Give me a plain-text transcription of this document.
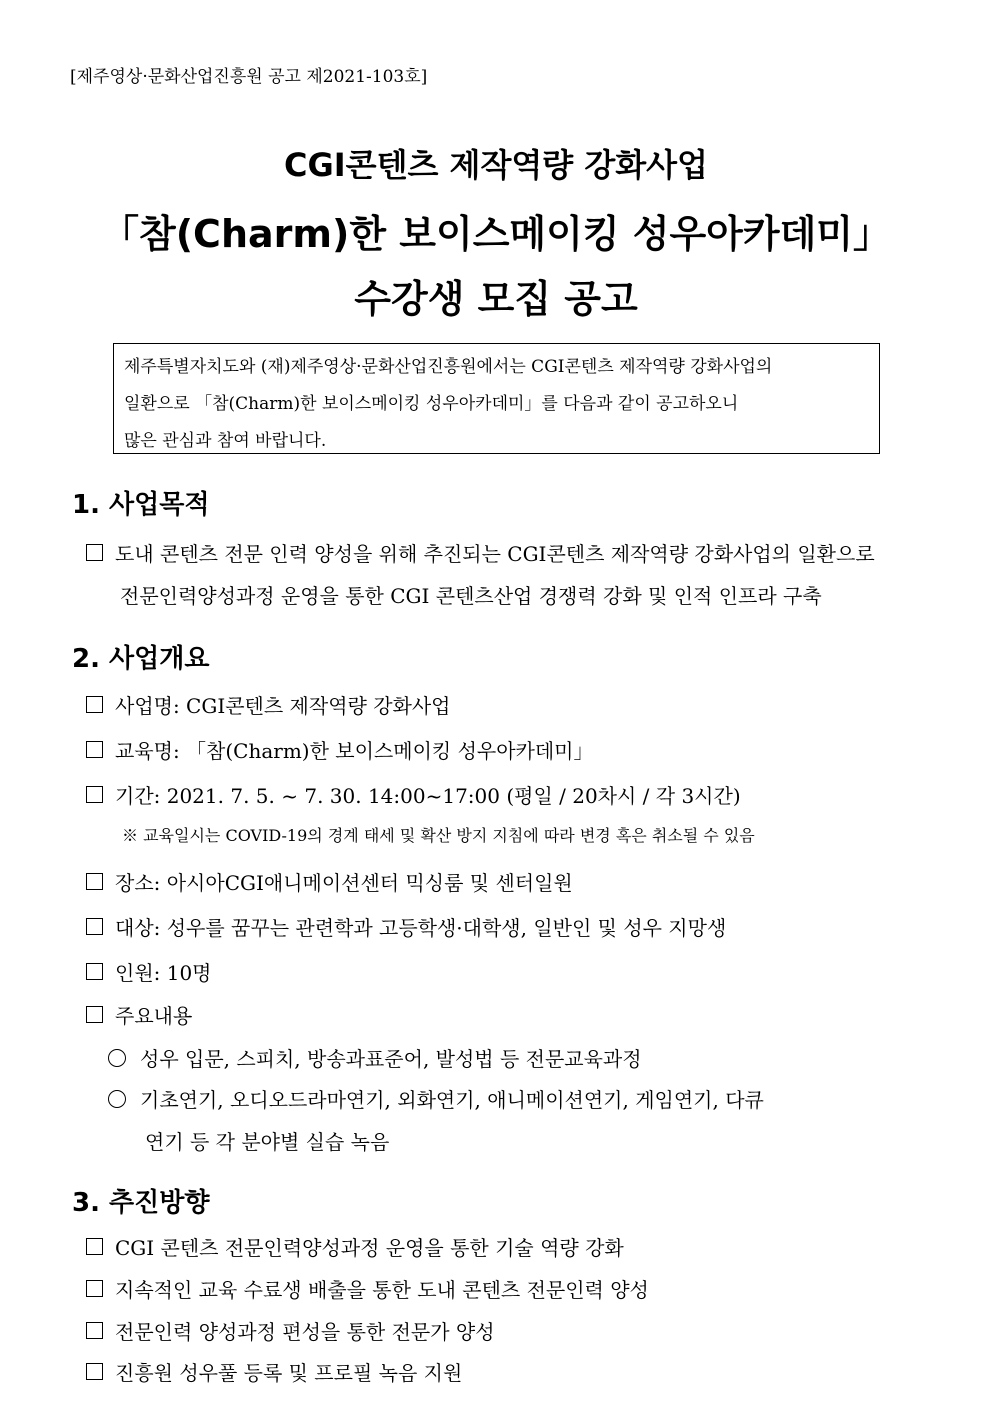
[제주영상·문화산업진흥원 공고 제2021-103호]
CGI콘텐츠 제작역량 강화사업
「참(Charm)한 보이스메이킹 성우아카데미」
수강생 모집 공고
제주특별자치도와 (재)제주영상·문화산업진흥원에서는 CGI콘텐츠 제작역량 강화사업의
일환으로 「참(Charm)한 보이스메이킹 성우아카데미」를 다음과 같이 공고하오니
많은 관심과 참여 바랍니다.
1. 사업목적
도내 콘텐츠 전문 인력 양성을 위해 추진되는 CGI콘텐츠 제작역량 강화사업의 일환으로
전문인력양성과정 운영을 통한 CGI 콘텐츠산업 경쟁력 강화 및 인적 인프라 구축
2. 사업개요
사업명: CGI콘텐츠 제작역량 강화사업
교육명: 「참(Charm)한 보이스메이킹 성우아카데미」
기간: 2021. 7. 5. ~ 7. 30. 14:00~17:00 (평일 / 20차시 / 각 3시간)
※ 교육일시는 COVID-19의 경계 태세 및 확산 방지 지침에 따라 변경 혹은 취소될 수 있음
장소: 아시아CGI애니메이션센터 믹싱룸 및 센터일원
대상: 성우를 꿈꾸는 관련학과 고등학생·대학생, 일반인 및 성우 지망생
인원: 10명
주요내용
성우 입문, 스피치, 방송과표준어, 발성법 등 전문교육과정
기초연기, 오디오드라마연기, 외화연기, 애니메이션연기, 게임연기, 다큐
연기 등 각 분야별 실습 녹음
3. 추진방향
CGI 콘텐츠 전문인력양성과정 운영을 통한 기술 역량 강화
지속적인 교육 수료생 배출을 통한 도내 콘텐츠 전문인력 양성
전문인력 양성과정 편성을 통한 전문가 양성
진흥원 성우풀 등록 및 프로필 녹음 지원
